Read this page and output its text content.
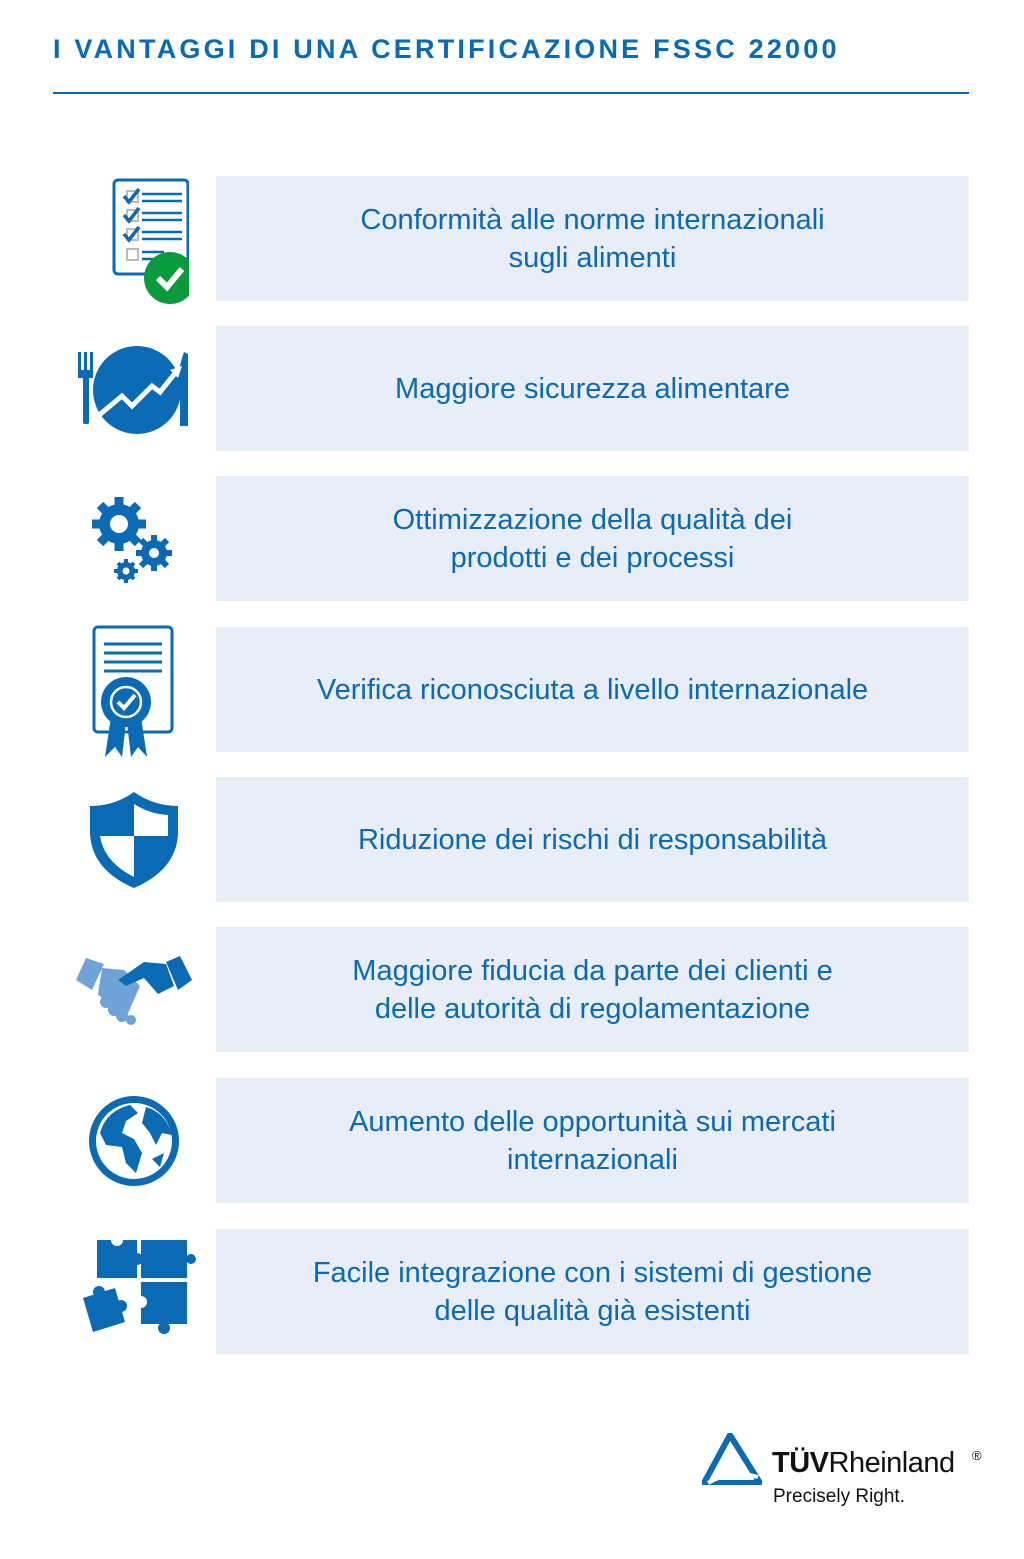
I VANTAGGI DI UNA CERTIFICAZIONE FSSC 22000
Conformità alle norme internazionali
sugli alimenti
Maggiore sicurezza alimentare
Ottimizzazione della qualità dei
prodotti e dei processi
Verifica riconosciuta a livello internazionale
Riduzione dei rischi di responsabilità
Maggiore fiducia da parte dei clienti e
delle autorità di regolamentazione
Aumento delle opportunità sui mercati
internazionali
Facile integrazione con i sistemi di gestione
delle qualità già esistenti
TÜVRheinland ®
Precisely Right.
